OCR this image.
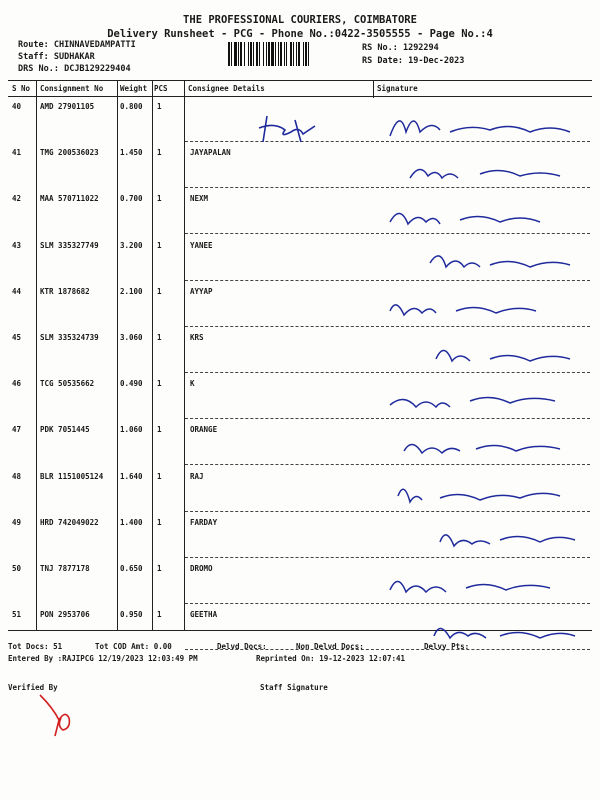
THE PROFESSIONAL COURIERS, COIMBATORE
Delivery Runsheet - PCG - Phone No.:0422-3505555 - Page No.:4
Route: CHINNAVEDAMPATTI
Staff: SUDHAKAR
DRS No.: DCJB129229404
RS No.: 1292294
RS Date: 19-Dec-2023
S No Consignment No Weight PCS	Consignee Details	Signature
40	AMD 27901105	0.800 1
41	TMG 200536023	1.450 1	JAYAPALAN
42	MAA 570711022	0.700 1	NEXM
43	SLM 335327749	3.200 1	YANEE
44	KTR 1878682	2.100 1	AYYAP
45	SLM 335324739	3.060 1	KRS
46	TCG 50535662	0.490 1	K
47	PDK 7051445	1.060 1	ORANGE
48	BLR 1151005124 1.640 1	RAJ
49	HRD 742049022	1.400 1	FARDAY
50	TNJ 7877178	0.650 1	DROMO
51	PON 2953706	0.950 1	GEETHA
Tot Docs: 51	Tot COD Amt: 0.00	Delvd Docs:	Non Delvd Docs:	Delvy Pts:
Entered By :RAJIPCG 12/19/2023 12:03:49 PM	Reprinted On: 19-12-2023 12:07:41
Verified By	Staff Signature
